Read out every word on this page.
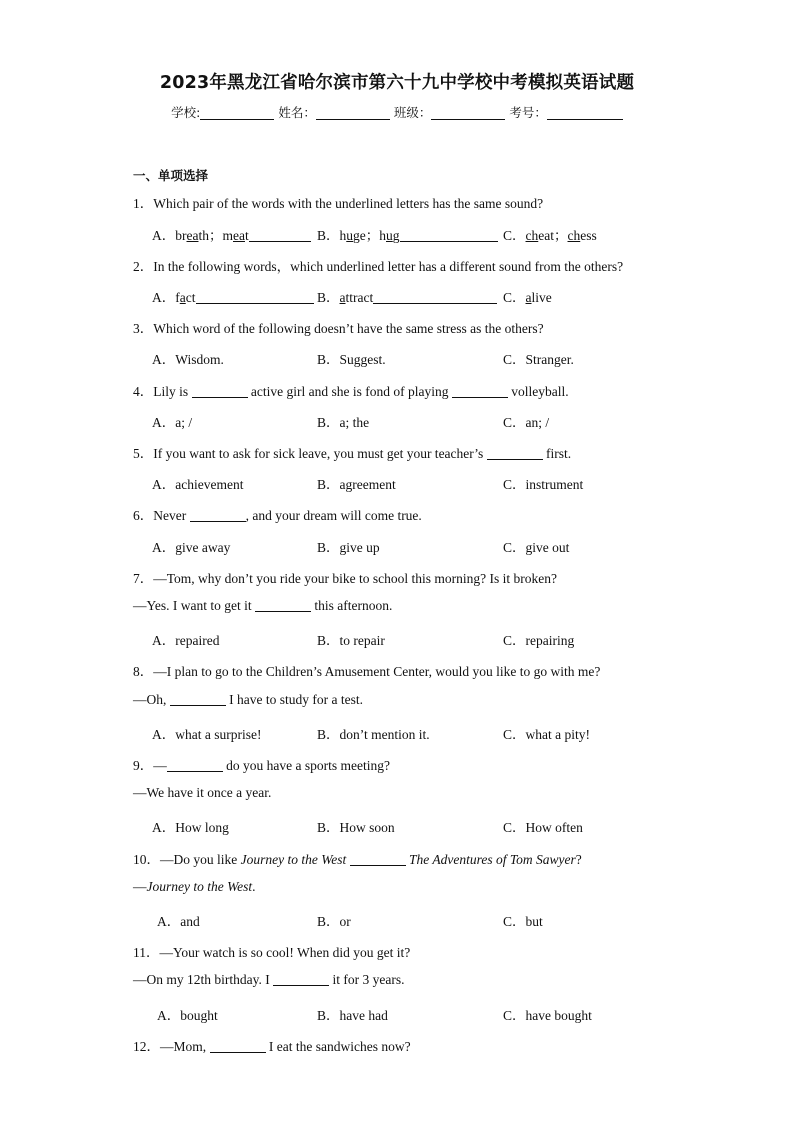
2023年黑龙江省哈尔滨市第六十九中学校中考模拟英语试题
学校:	姓名：	班级：	考号：
一、单项选择
1．Which pair of the words with the underlined letters has the same sound?
A．breath；meat	B．huge；hug	C．cheat；chess
2．In the following words，which underlined letter has a different sound from the others?
A．fact	B．attract	C．alive
3．Which word of the following doesn’t have the same stress as the others?
A．Wisdom.	B．Suggest.	C．Stranger.
4．Lily is	active girl and she is fond of playing	volleyball.
A．a; /	B．a; the	C．an; /
5．If you want to ask for sick leave, you must get your teacher’s	first.
A．achievement	B．agreement	C．instrument
6．Never	, and your dream will come true.
A．give away	B．give up	C．give out
7．—Tom, why don’t you ride your bike to school this morning? Is it broken?
—Yes. I want to get it	this afternoon.
A．repaired	B．to repair	C．repairing
8．—I plan to go to the Children’s Amusement Center, would you like to go with me?
—Oh,	I have to study for a test.
A．what a surprise!	B．don’t mention it.	C．what a pity!
9．—	do you have a sports meeting?
—We have it once a year.
A．How long	B．How soon	C．How often
10．—Do you like Journey to the West	The Adventures of Tom Sawyer?
—Journey to the West.
A．and	B．or	C．but
11．—Your watch is so cool! When did you get it?
—On my 12th birthday. I	it for 3 years.
A．bought	B．have had	C．have bought
12．—Mom,	I eat the sandwiches now?
